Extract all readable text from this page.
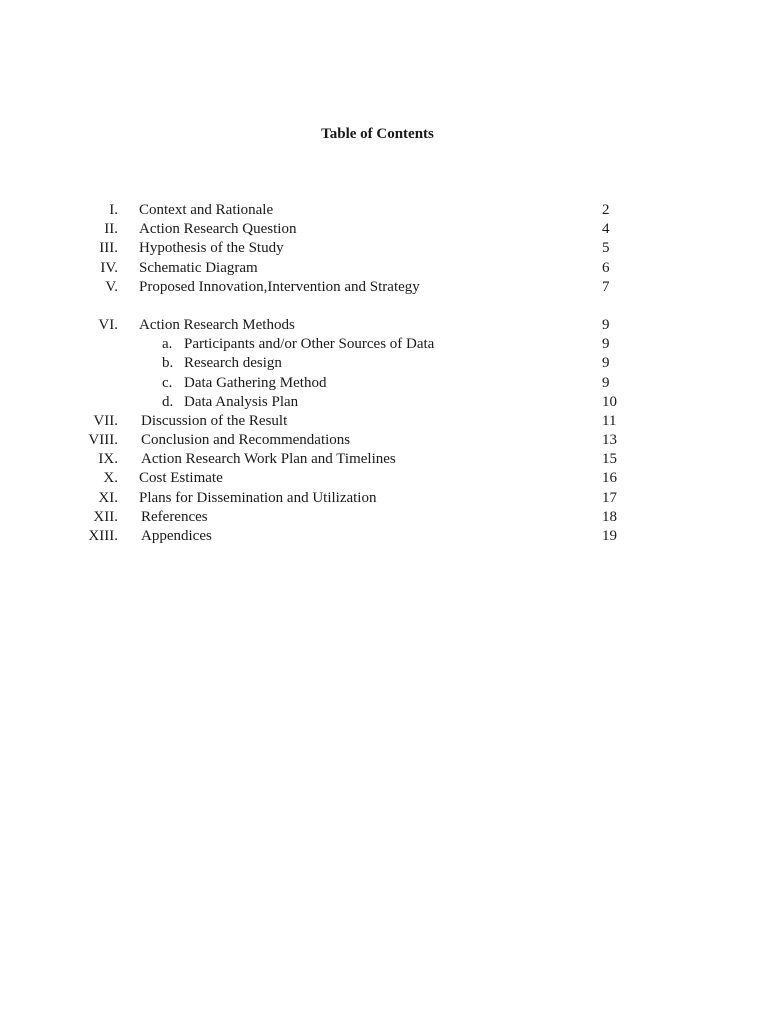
Table of Contents
I. Context and Rationale	2
II. Action Research Question	4
III. Hypothesis of the Study	5
IV. Schematic Diagram	6
V. Proposed Innovation,Intervention and Strategy	7
VI. Action Research Methods	9
a. Participants and/or Other Sources of Data	9
b. Research design	9
c. Data Gathering Method	9
d. Data Analysis Plan	10
VII. Discussion of the Result	11
VIII. Conclusion and Recommendations	13
IX. Action Research Work Plan and Timelines	15
X. Cost Estimate	16
XI. Plans for Dissemination and Utilization	17
XII. References	18
XIII. Appendices	19
